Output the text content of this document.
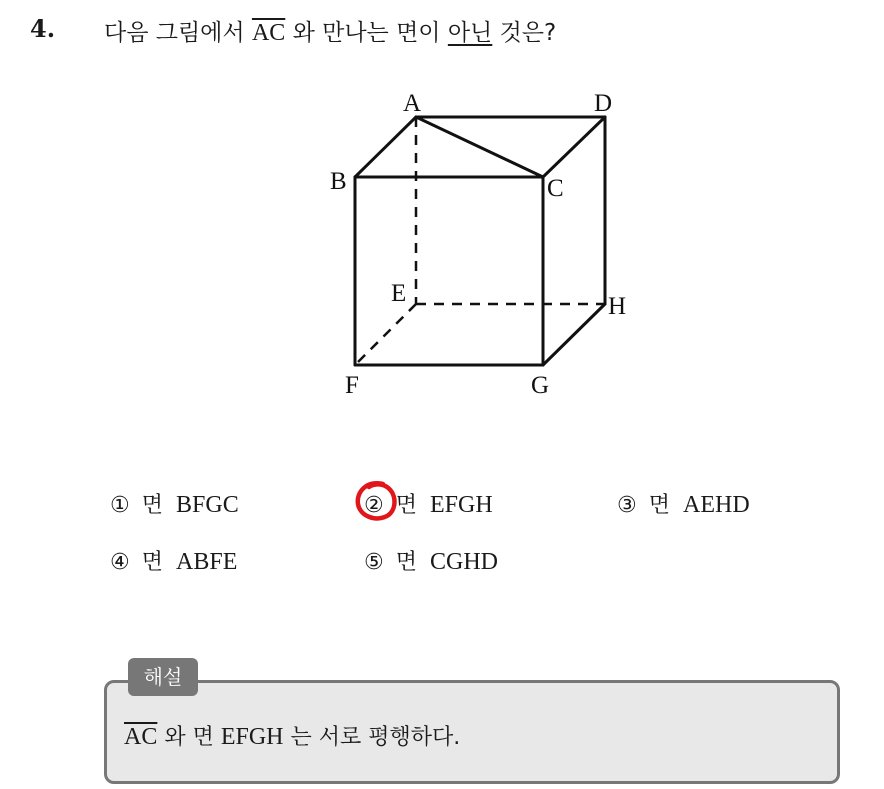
4. 다음 그림에서 $\overline{AC}$ 와 만나는 면이 아닌 것은?
A	D
B	C
E	H
F	G
① 면 BFGC	② 면 EFGH	③ 면 AEHD
④ 면 ABFE	⑤ 면 CGHD
해설
$\overline{AC}$ 와 면 EFGH 는 서로 평행하다.
